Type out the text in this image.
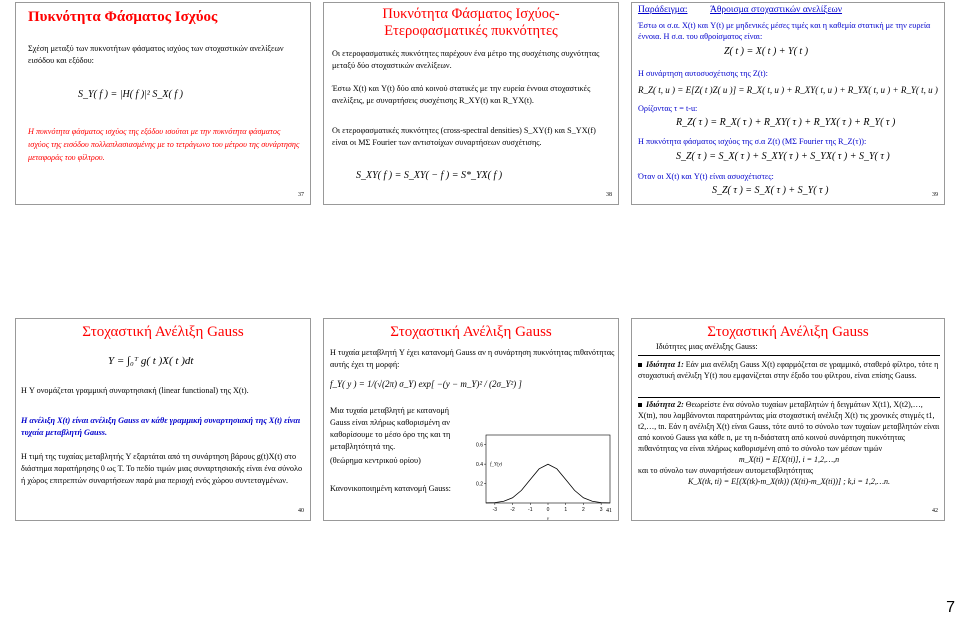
Πυκνότητα Φάσματος Ισχύος
Σχέση μεταξύ των πυκνοτήτων φάσματος ισχύος των στοχαστικών ανελίξεων εισόδου και εξόδου:
S_Y( f ) = |H( f )|² S_X( f )
Η πυκνότητα φάσματος ισχύος της εξόδου ισούται με την πυκνότητα φάσματος ισχύος της εισόδου πολλαπλασιασμένης με το τετράγωνο του μέτρου της συνάρτησης μεταφοράς του φίλτρου.
37
Πυκνότητα Φάσματος Ισχύος-Ετεροφασματικές πυκνότητες
Οι ετεροφασματικές πυκνότητες παρέχουν ένα μέτρο της συσχέτισης συχνότητας μεταξύ δύο στοχαστικών ανελίξεων.
Έστω X(t) και Y(t) δύο από κοινού στατικές με την ευρεία έννοια στοχαστικές ανελίξεις, με συναρτήσεις συσχέτισης R_XY(t) και R_YX(t).
Οι ετεροφασματικές πυκνότητες (cross-spectral densities) S_XY(f) και S_YX(f) είναι οι ΜΣ Fourier των αντιστοίχων συναρτήσεων συσχέτισης.
S_XY( f ) = S_XY( − f ) = S*_YX( f )
38
Παράδειγμα: Άθροισμα στοχαστικών ανελίξεων
Έστω οι σ.α. X(t) και Y(t) με μηδενικές μέσες τιμές και η καθεμία στατική με την ευρεία έννοια. Η σ.α. του αθροίσματος είναι:
Z( t ) = X( t ) + Y( t )
Η συνάρτηση αυτοσυσχέτισης της Z(t):
R_Z( t, u ) = E[Z( t )Z( u )] = R_X( t, u ) + R_XY( t, u ) + R_YX( t, u ) + R_Y( t, u )
Ορίζοντας τ = t-u:
R_Z( τ ) = R_X( τ ) + R_XY( τ ) + R_YX( τ ) + R_Y( τ )
Η πυκνότητα φάσματος ισχύος της σ.α Z(t) (ΜΣ Fourier της R_Z(τ)):
S_Z( τ ) = S_X( τ ) + S_XY( τ ) + S_YX( τ ) + S_Y( τ )
Όταν οι X(t) και Y(t) είναι ασυσχέτιστες:
S_Z( τ ) = S_X( τ ) + S_Y( τ )	39
Στοχαστική Ανέλιξη Gauss
Y = ∫₀ᵀ g( t )X( t )dt
Η Y ονομάζεται γραμμική συναρτησιακή (linear functional) της X(t).
Η ανέλιξη X(t) είναι ανέλιξη Gauss αν κάθε γραμμική συναρτησιακή της X(t) είναι τυχαία μεταβλητή Gauss.
Η τιμή της τυχαίας μεταβλητής Y εξαρτάται από τη συνάρτηση βάρους g(t)X(t) στο διάστημα παρατήρησης 0 ως T. Το πεδίο τιμών μιας συναρτησιακής είναι ένα σύνολο ή χώρος επιτρεπτών συναρτήσεων παρά μια περιοχή ενός χώρου συντεταγμένων.
40
Στοχαστική Ανέλιξη Gauss
Η τυχαία μεταβλητή Y έχει κατανομή Gauss αν η συνάρτηση πυκνότητας πιθανότητας αυτής έχει τη μορφή:
f_Y( y ) = 1/(√(2π) σ_Y) exp[ −(y − m_Y)² / (2σ_Y²) ]
Μια τυχαία μεταβλητή με κατανομή Gauss είναι πλήρως καθορισμένη αν καθορίσουμε το μέσο όρο της και τη μεταβλητότητά της.
(θεώρημα κεντρικού ορίου)
Κανονικοποιημένη κατανομή Gauss:	0.2
0.4
0.6
-3	-2	-1	0	1	2	3
f_Y(y)
y
41
Στοχαστική Ανέλιξη Gauss
Ιδιότητες μιας ανέλιξης Gauss:
Ιδιότητα 1: Εάν μια ανέλιξη Gauss X(t) εφαρμόζεται σε γραμμικό, σταθερό φίλτρο, τότε η στοχαστική ανέλιξη Y(t) που εμφανίζεται στην έξοδο του φίλτρου, είναι επίσης Gauss.
Ιδιότητα 2: Θεωρείστε ένα σύνολο τυχαίων μεταβλητών ή δειγμάτων X(t1), X(t2),…, X(tn), που λαμβάνονται παρατηρώντας μία στοχαστική ανέλιξη X(t) τις χρονικές στιγμές t1, t2,…, tn. Εάν η ανέλιξη X(t) είναι Gauss, τότε αυτό το σύνολο των τυχαίων μεταβλητών είναι από κοινού Gauss για κάθε n, με τη n-διάστατη από κοινού συνάρτηση πυκνότητας πιθανότητας να είναι πλήρως καθορισμένη από το σύνολο των μέσων τιμών
m_X(ti) = E[X(ti)], i = 1,2,…,n
και το σύνολο των συναρτήσεων αυτομεταβλητότητας
K_X(tk, ti) = E[(X(tk)-m_X(tk)) (X(ti)-m_X(ti))] ; k,i = 1,2,…n.
42
7
